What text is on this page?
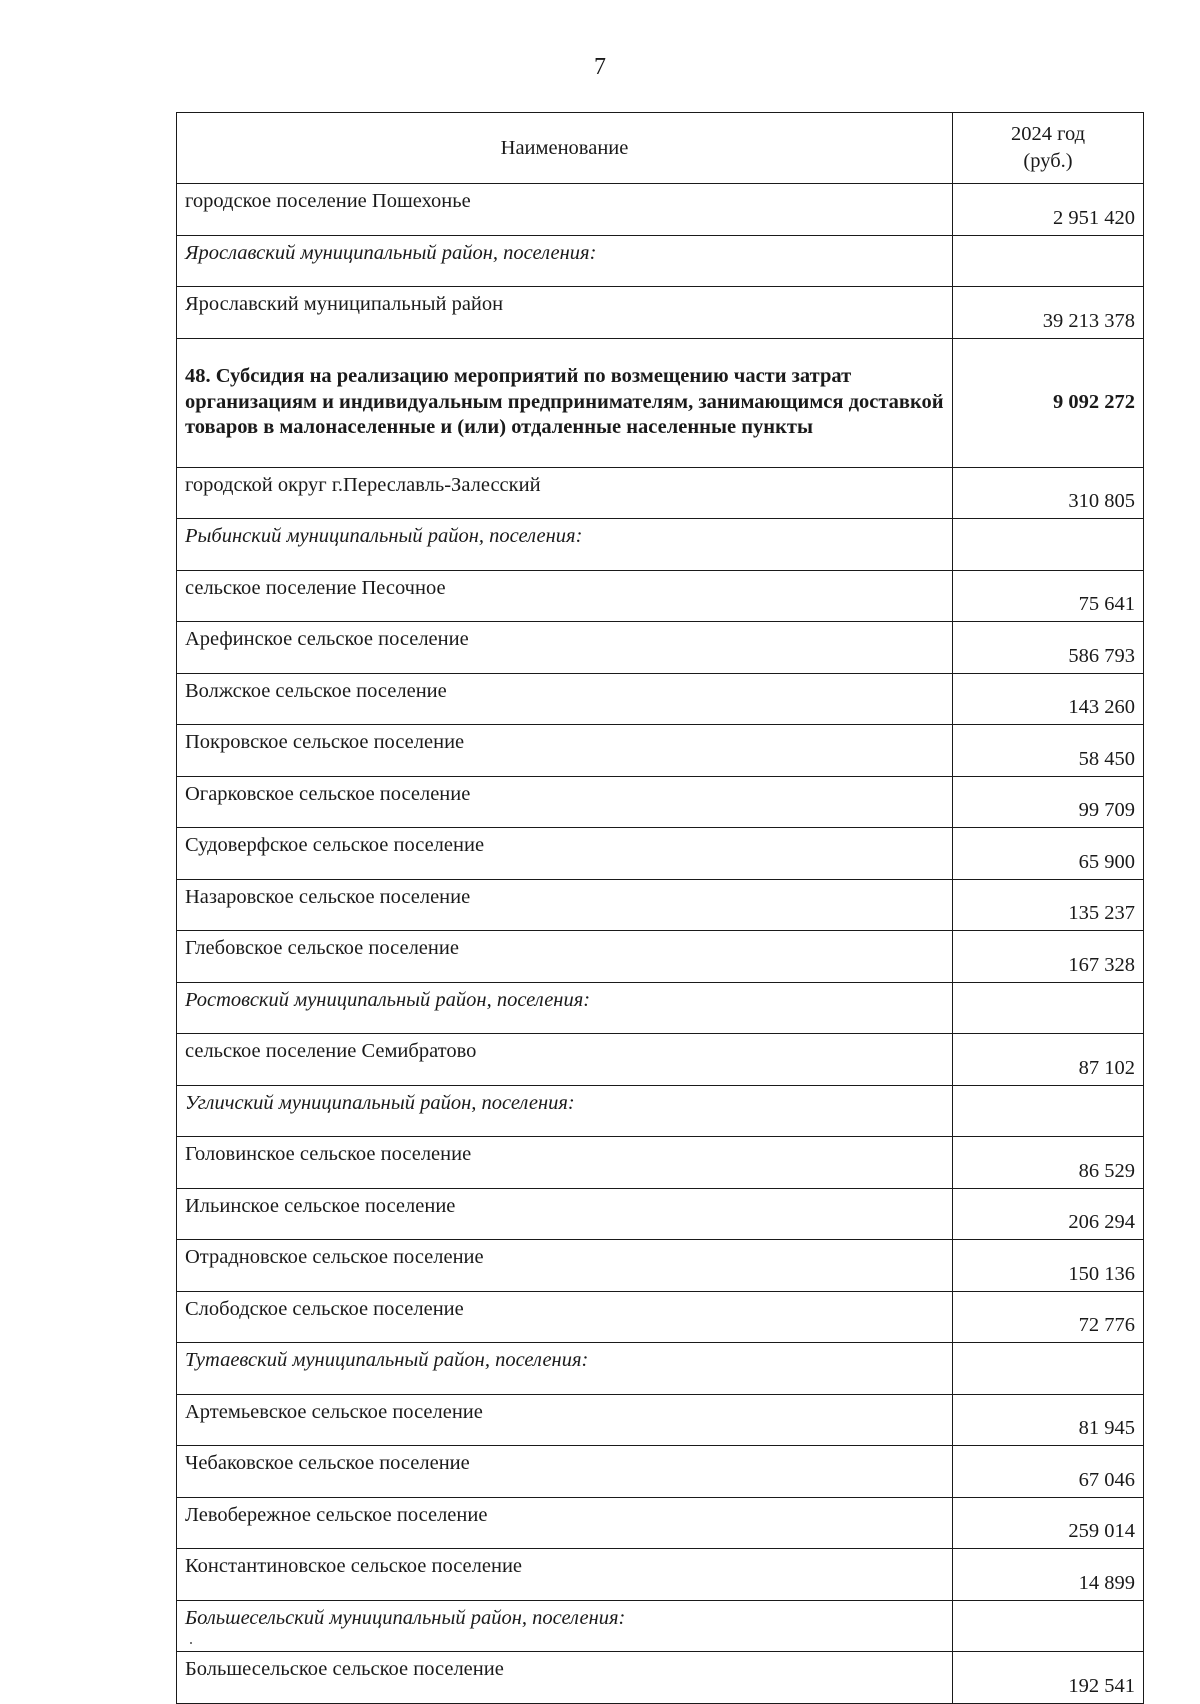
7
Наименование	2024 год
(руб.)
городское поселение Пошехонье	2 951 420
Ярославский муниципальный район, поселения:	
Ярославский муниципальный район	39 213 378
48. Субсидия на реализацию мероприятий по возмещению части затрат организациям и индивидуальным предпринимателям, занимающимся доставкой товаров в малонаселенные и (или) отдаленные населенные пункты	9 092 272
городской округ г.Переславль-Залесский	310 805
Рыбинский муниципальный район, поселения:	
сельское поселение Песочное	75 641
Арефинское сельское поселение	586 793
Волжское сельское поселение	143 260
Покровское сельское поселение	58 450
Огарковское сельское поселение	99 709
Судоверфское сельское поселение	65 900
Назаровское сельское поселение	135 237
Глебовское сельское поселение	167 328
Ростовский муниципальный район, поселения:	
сельское поселение Семибратово	87 102
Угличский муниципальный район, поселения:	
Головинское сельское поселение	86 529
Ильинское сельское поселение	206 294
Отрадновское сельское поселение	150 136
Слободское сельское поселение	72 776
Тутаевский муниципальный район, поселения:	
Артемьевское сельское поселение	81 945
Чебаковское сельское поселение	67 046
Левобережное сельское поселение	259 014
Константиновское сельское поселение	14 899
Большесельский муниципальный район, поселения:	
Большесельское сельское поселение	192 541
